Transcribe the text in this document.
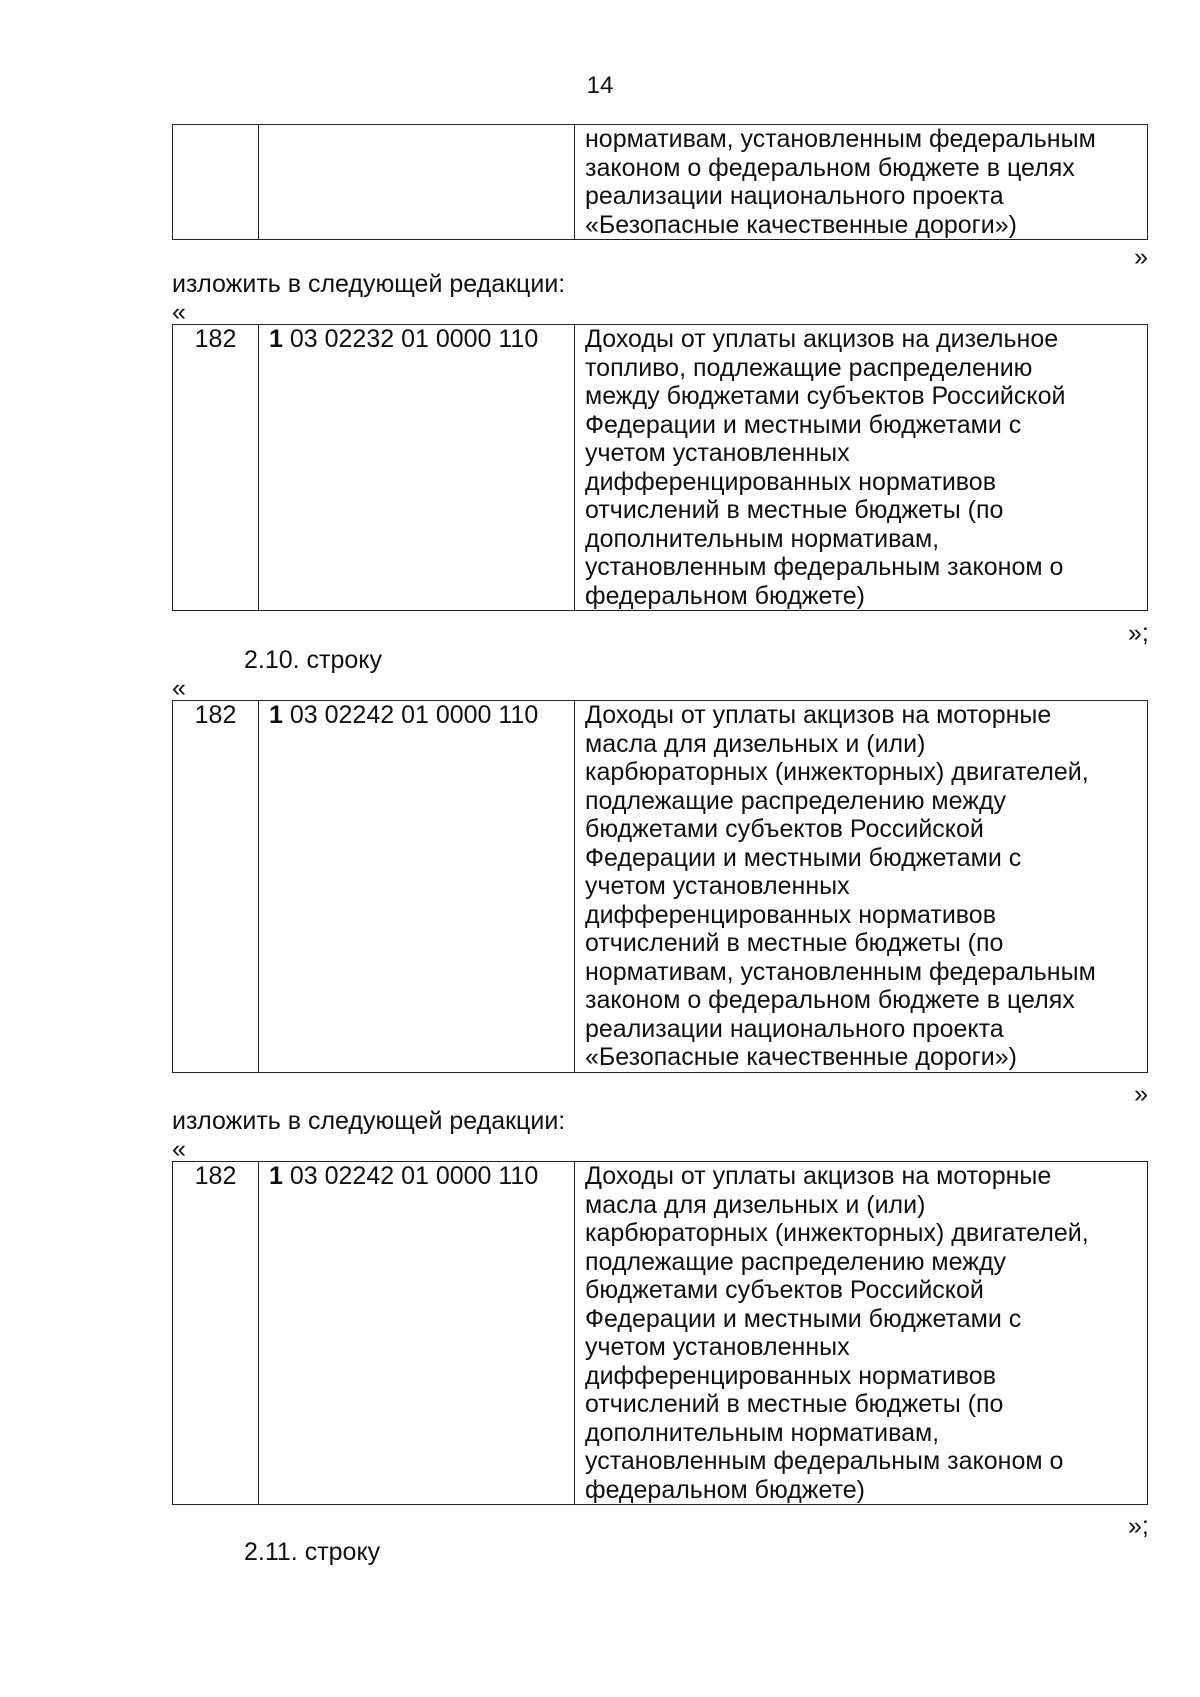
14

нормативам, установленным федеральным
законом о федеральном бюджете в целях
реализации национального проекта
«Безопасные качественные дороги»)
»
изложить в следующей редакции:
«
182	1 03 02232 01 0000 110	Доходы от уплаты акцизов на дизельное
топливо, подлежащие распределению
между бюджетами субъектов Российской
Федерации и местными бюджетами с
учетом установленных
дифференцированных нормативов
отчислений в местные бюджеты (по
дополнительным нормативам,
установленным федеральным законом о
федеральном бюджете)
»;
2.10. строку
«
182	1 03 02242 01 0000 110	Доходы от уплаты акцизов на моторные
масла для дизельных и (или)
карбюраторных (инжекторных) двигателей,
подлежащие распределению между
бюджетами субъектов Российской
Федерации и местными бюджетами с
учетом установленных
дифференцированных нормативов
отчислений в местные бюджеты (по
нормативам, установленным федеральным
законом о федеральном бюджете в целях
реализации национального проекта
«Безопасные качественные дороги»)
»
изложить в следующей редакции:
«
182	1 03 02242 01 0000 110	Доходы от уплаты акцизов на моторные
масла для дизельных и (или)
карбюраторных (инжекторных) двигателей,
подлежащие распределению между
бюджетами субъектов Российской
Федерации и местными бюджетами с
учетом установленных
дифференцированных нормативов
отчислений в местные бюджеты (по
дополнительным нормативам,
установленным федеральным законом о
федеральном бюджете)
»;
2.11. строку
